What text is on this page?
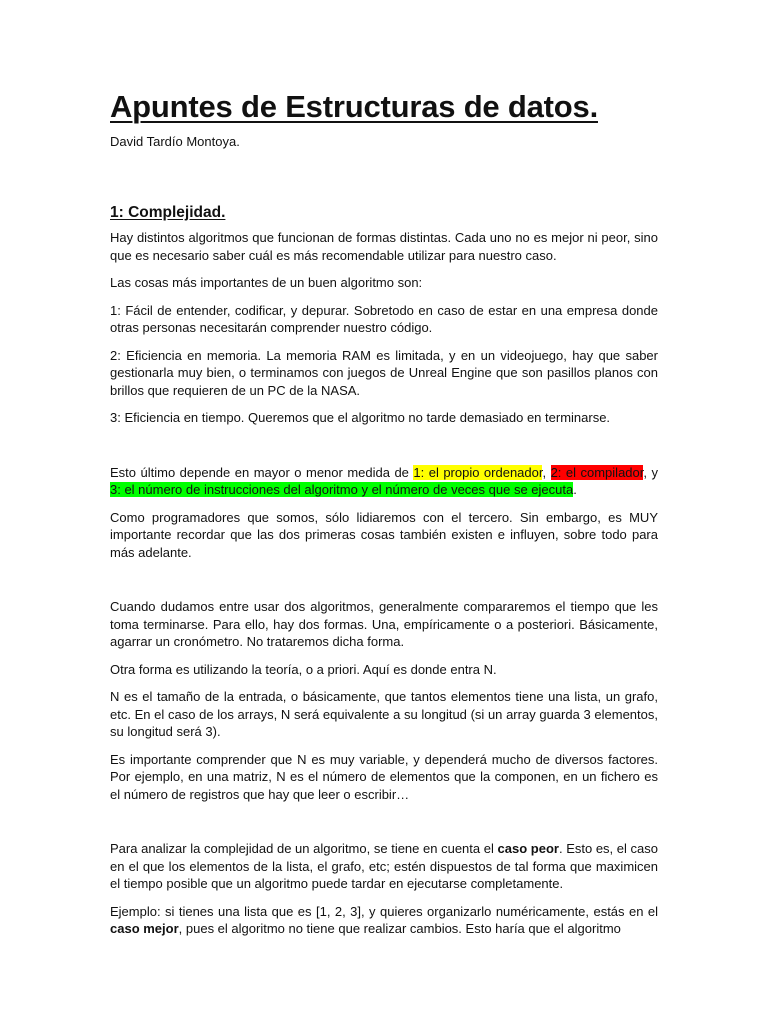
Apuntes de Estructuras de datos.
David Tardío Montoya.
1: Complejidad.

Hay distintos algoritmos que funcionan de formas distintas. Cada uno no es mejor ni peor, sino que es necesario saber cuál es más recomendable utilizar para nuestro caso.

Las cosas más importantes de un buen algoritmo son:

1: Fácil de entender, codificar, y depurar. Sobretodo en caso de estar en una empresa donde otras personas necesitarán comprender nuestro código.

2: Eficiencia en memoria. La memoria RAM es limitada, y en un videojuego, hay que saber gestionarla muy bien, o terminamos con juegos de Unreal Engine que son pasillos planos con brillos que requieren de un PC de la NASA.

3: Eficiencia en tiempo. Queremos que el algoritmo no tarde demasiado en terminarse.

Esto último depende en mayor o menor medida de 1: el propio ordenador, 2: el compilador, y 3: el número de instrucciones del algoritmo y el número de veces que se ejecuta.

Como programadores que somos, sólo lidiaremos con el tercero. Sin embargo, es MUY importante recordar que las dos primeras cosas también existen e influyen, sobre todo para más adelante.

Cuando dudamos entre usar dos algoritmos, generalmente compararemos el tiempo que les toma terminarse. Para ello, hay dos formas. Una, empíricamente o a posteriori. Básicamente, agarrar un cronómetro. No trataremos dicha forma.

Otra forma es utilizando la teoría, o a priori. Aquí es donde entra N.

N es el tamaño de la entrada, o básicamente, que tantos elementos tiene una lista, un grafo, etc. En el caso de los arrays, N será equivalente a su longitud (si un array guarda 3 elementos, su longitud será 3).

Es importante comprender que N es muy variable, y dependerá mucho de diversos factores. Por ejemplo, en una matriz, N es el número de elementos que la componen, en un fichero es el número de registros que hay que leer o escribir…

Para analizar la complejidad de un algoritmo, se tiene en cuenta el caso peor. Esto es, el caso en el que los elementos de la lista, el grafo, etc; estén dispuestos de tal forma que maximicen el tiempo posible que un algoritmo puede tardar en ejecutarse completamente.

Ejemplo: si tienes una lista que es [1, 2, 3], y quieres organizarlo numéricamente, estás en el caso mejor, pues el algoritmo no tiene que realizar cambios. Esto haría que el algoritmo
